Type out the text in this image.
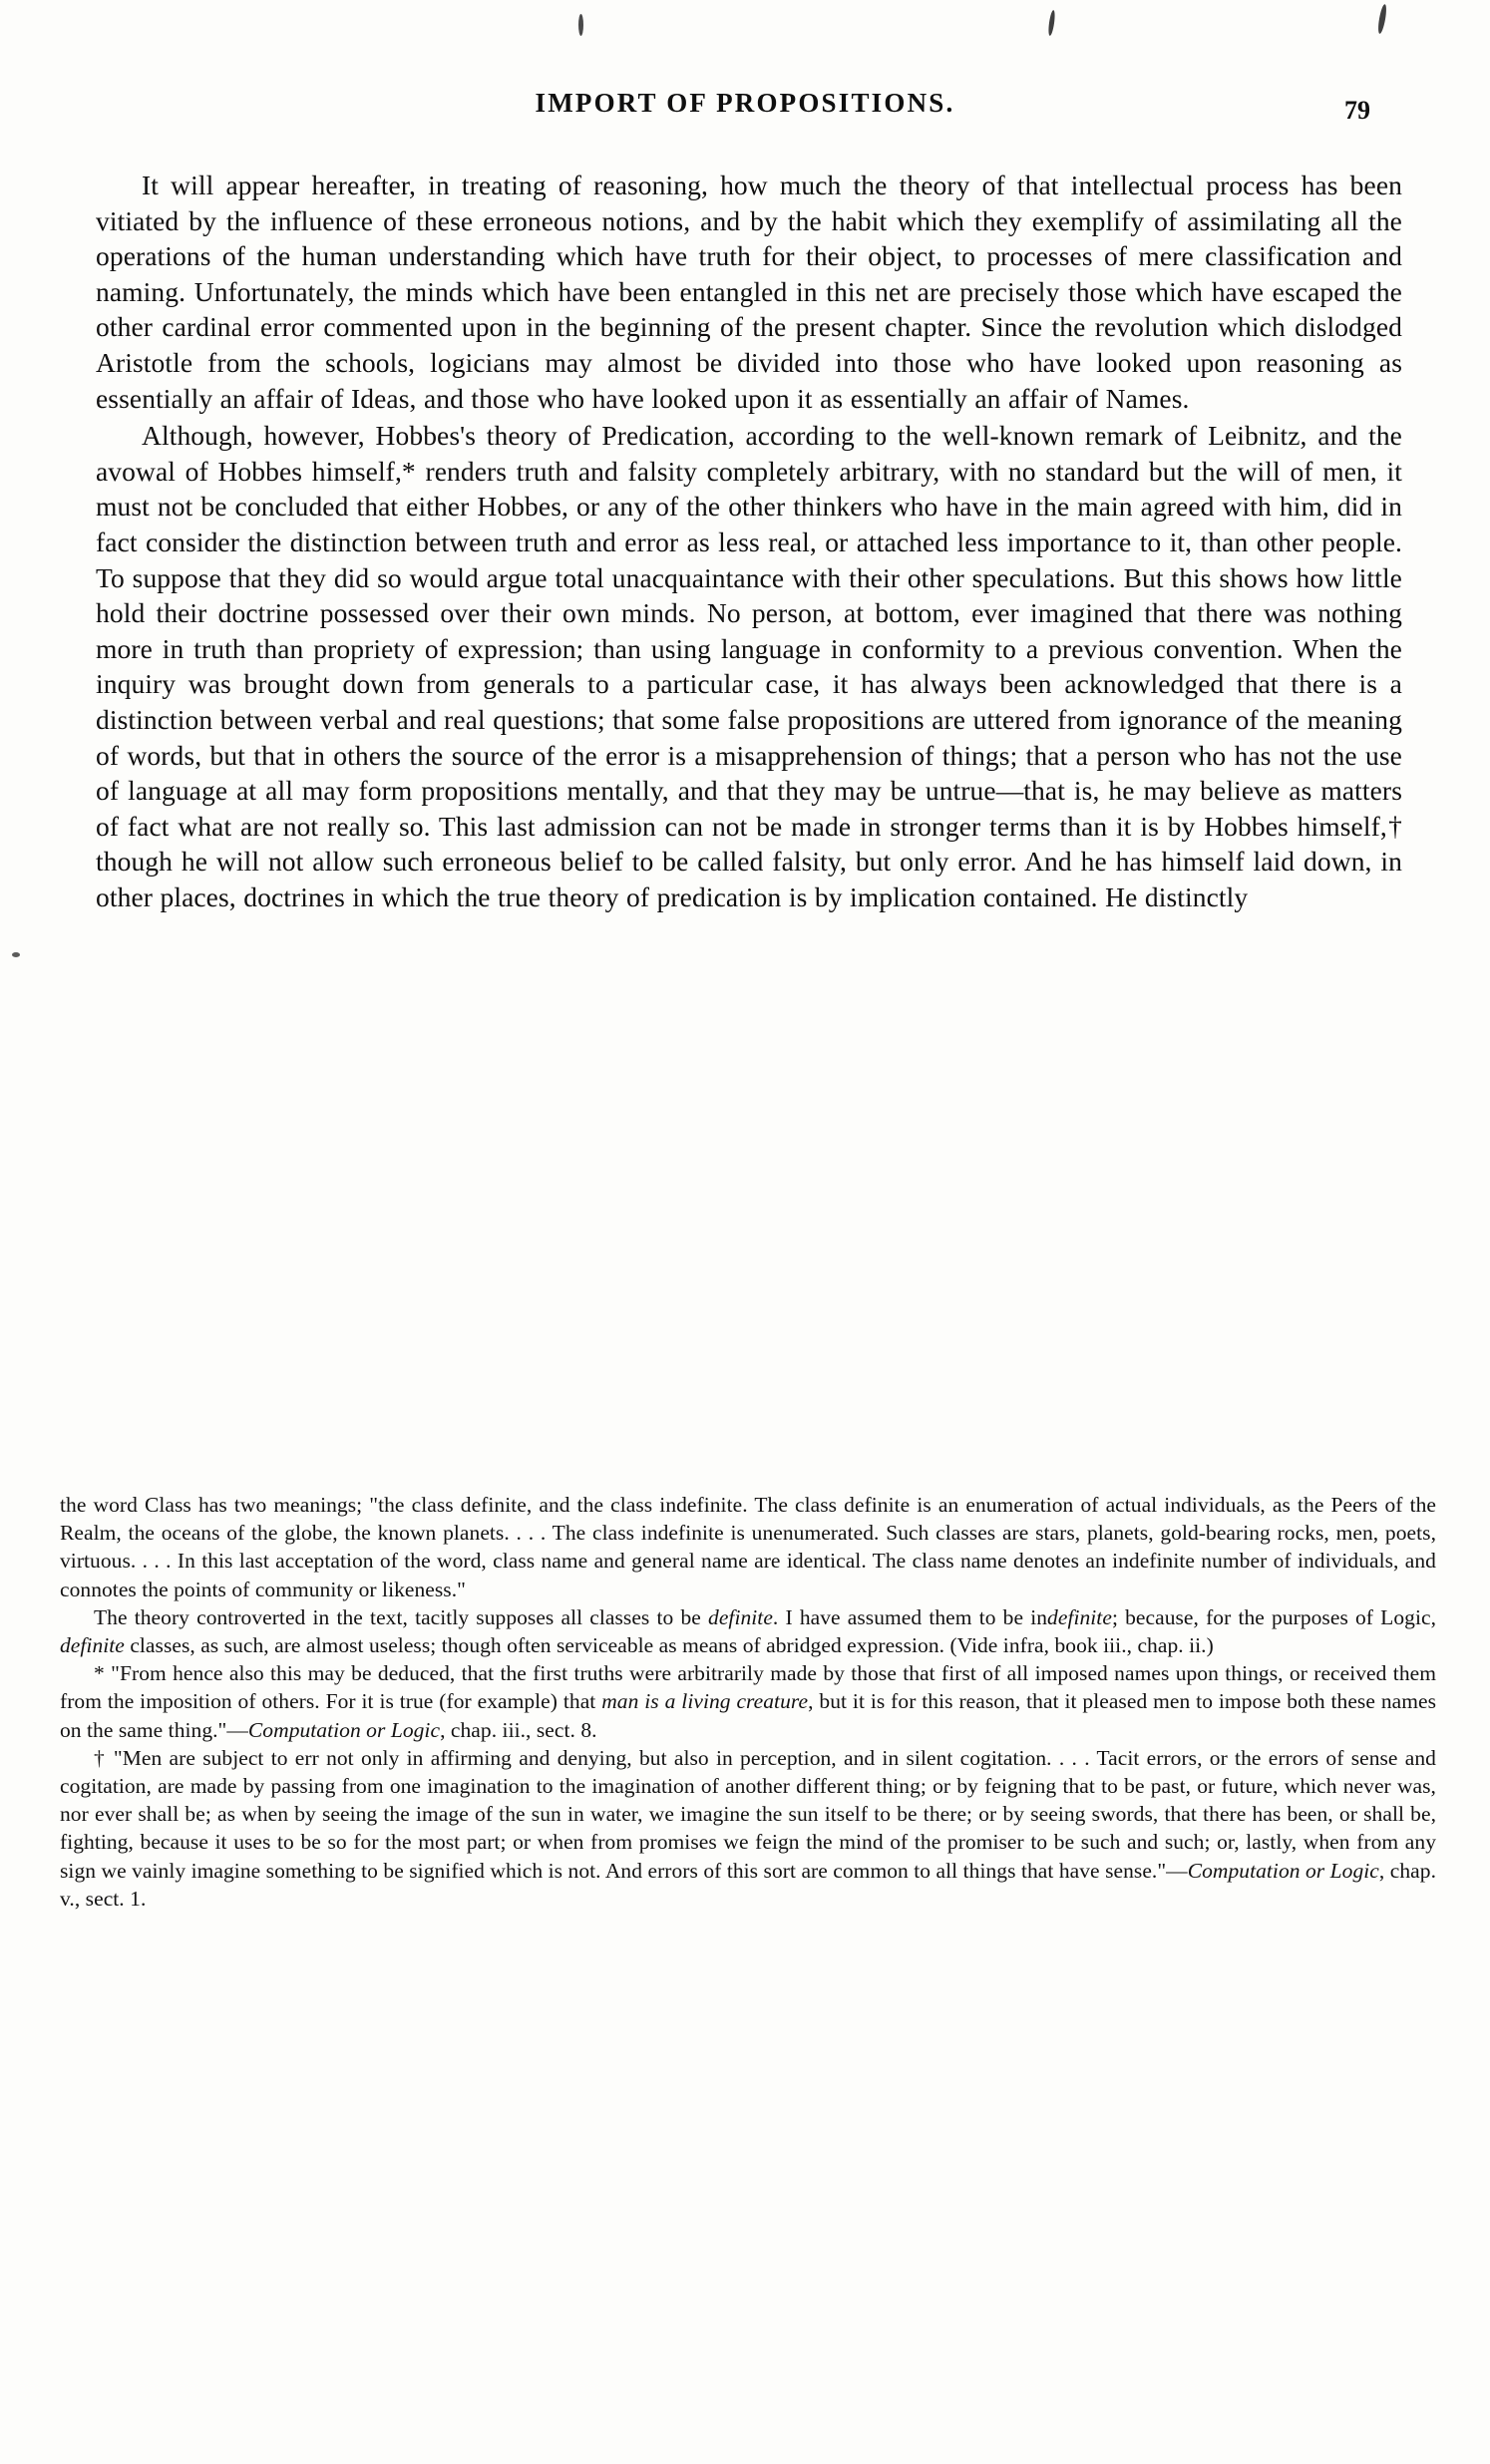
IMPORT OF PROPOSITIONS.	79

It will appear hereafter, in treating of reasoning, how much the theory of that intellectual process has been vitiated by the influence of these erroneous notions, and by the habit which they exemplify of assimilating all the operations of the human understanding which have truth for their object, to processes of mere classification and naming. Unfortunately, the minds which have been entangled in this net are precisely those which have escaped the other cardinal error commented upon in the beginning of the present chapter. Since the revolution which dislodged Aristotle from the schools, logicians may almost be divided into those who have looked upon reasoning as essentially an affair of Ideas, and those who have looked upon it as essentially an affair of Names.

Although, however, Hobbes's theory of Predication, according to the well-known remark of Leibnitz, and the avowal of Hobbes himself,* renders truth and falsity completely arbitrary, with no standard but the will of men, it must not be concluded that either Hobbes, or any of the other thinkers who have in the main agreed with him, did in fact consider the distinction between truth and error as less real, or attached less importance to it, than other people. To suppose that they did so would argue total unacquaintance with their other speculations. But this shows how little hold their doctrine possessed over their own minds. No person, at bottom, ever imagined that there was nothing more in truth than propriety of expression; than using language in conformity to a previous convention. When the inquiry was brought down from generals to a particular case, it has always been acknowledged that there is a distinction between verbal and real questions; that some false propositions are uttered from ignorance of the meaning of words, but that in others the source of the error is a misapprehension of things; that a person who has not the use of language at all may form propositions mentally, and that they may be untrue—that is, he may believe as matters of fact what are not really so. This last admission can not be made in stronger terms than it is by Hobbes himself,† though he will not allow such erroneous belief to be called falsity, but only error. And he has himself laid down, in other places, doctrines in which the true theory of predication is by implication contained. He distinctly

the word Class has two meanings; "the class definite, and the class indefinite. The class definite is an enumeration of actual individuals, as the Peers of the Realm, the oceans of the globe, the known planets. . . . The class indefinite is unenumerated. Such classes are stars, planets, gold-bearing rocks, men, poets, virtuous. . . . In this last acceptation of the word, class name and general name are identical. The class name denotes an indefinite number of individuals, and connotes the points of community or likeness."

The theory controverted in the text, tacitly supposes all classes to be definite. I have assumed them to be indefinite; because, for the purposes of Logic, definite classes, as such, are almost useless; though often serviceable as means of abridged expression. (Vide infra, book iii., chap. ii.)

* "From hence also this may be deduced, that the first truths were arbitrarily made by those that first of all imposed names upon things, or received them from the imposition of others. For it is true (for example) that man is a living creature, but it is for this reason, that it pleased men to impose both these names on the same thing."—Computation or Logic, chap. iii., sect. 8.

† "Men are subject to err not only in affirming and denying, but also in perception, and in silent cogitation. . . . Tacit errors, or the errors of sense and cogitation, are made by passing from one imagination to the imagination of another different thing; or by feigning that to be past, or future, which never was, nor ever shall be; as when by seeing the image of the sun in water, we imagine the sun itself to be there; or by seeing swords, that there has been, or shall be, fighting, because it uses to be so for the most part; or when from promises we feign the mind of the promiser to be such and such; or, lastly, when from any sign we vainly imagine something to be signified which is not. And errors of this sort are common to all things that have sense."—Computation or Logic, chap. v., sect. 1.
